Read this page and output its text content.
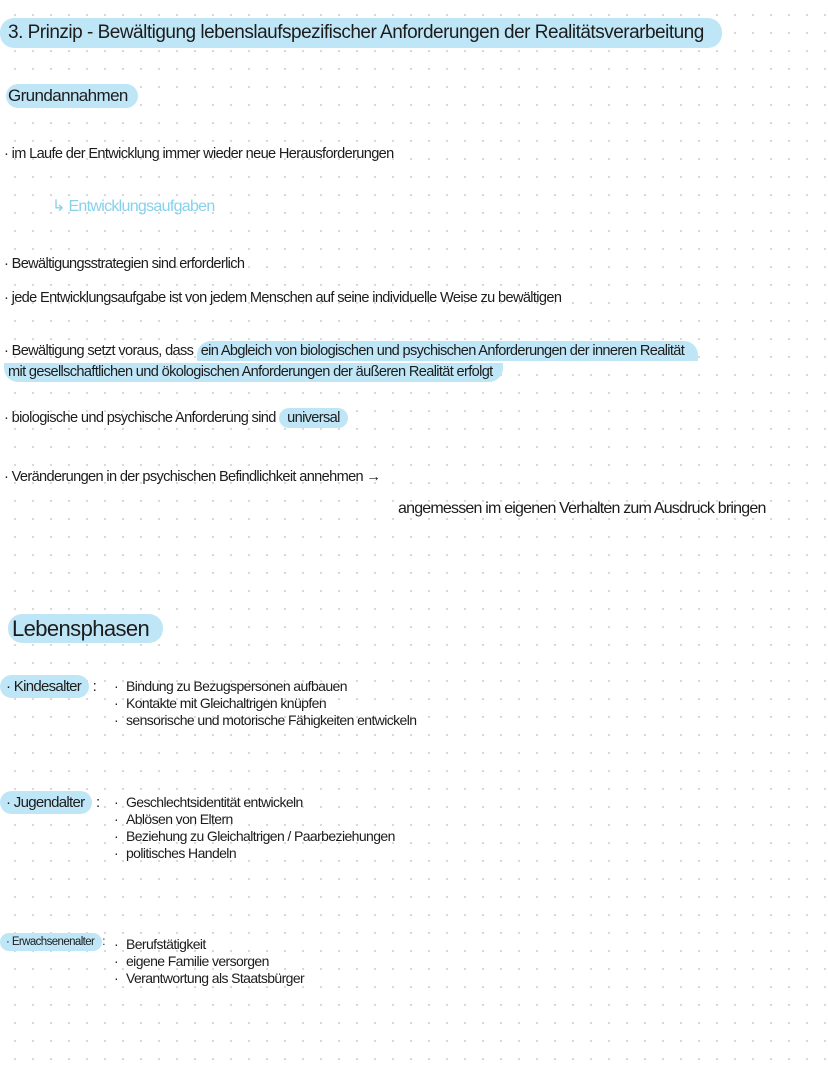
3. Prinzip - Bewältigung lebenslaufspezifischer Anforderungen der Realitätsverarbeitung
Grundannahmen
· im Laufe der Entwicklung immer wieder neue Herausforderungen
↳ Entwicklungsaufgaben
· Bewältigungsstrategien sind erforderlich
· jede Entwicklungsaufgabe ist von jedem Menschen auf seine individuelle Weise zu bewältigen
· Bewältigung setzt voraus, dass ein Abgleich von biologischen und psychischen Anforderungen der inneren Realität
mit gesellschaftlichen und ökologischen Anforderungen der äußeren Realität erfolgt
· biologische und psychische Anforderung sind universal
· Veränderungen in der psychischen Befindlichkeit annehmen →
angemessen im eigenen Verhalten zum Ausdruck bringen
Lebensphasen
· Kindesalter : · Bindung zu Bezugspersonen aufbauen
· Kontakte mit Gleichaltrigen knüpfen
· sensorische und motorische Fähigkeiten entwickeln
· Jugendalter : · Geschlechtsidentität entwickeln
· Ablösen von Eltern
· Beziehung zu Gleichaltrigen / Paarbeziehungen
· politisches Handeln
· Erwachsenenalter : · Berufstätigkeit
· eigene Familie versorgen
· Verantwortung als Staatsbürger
